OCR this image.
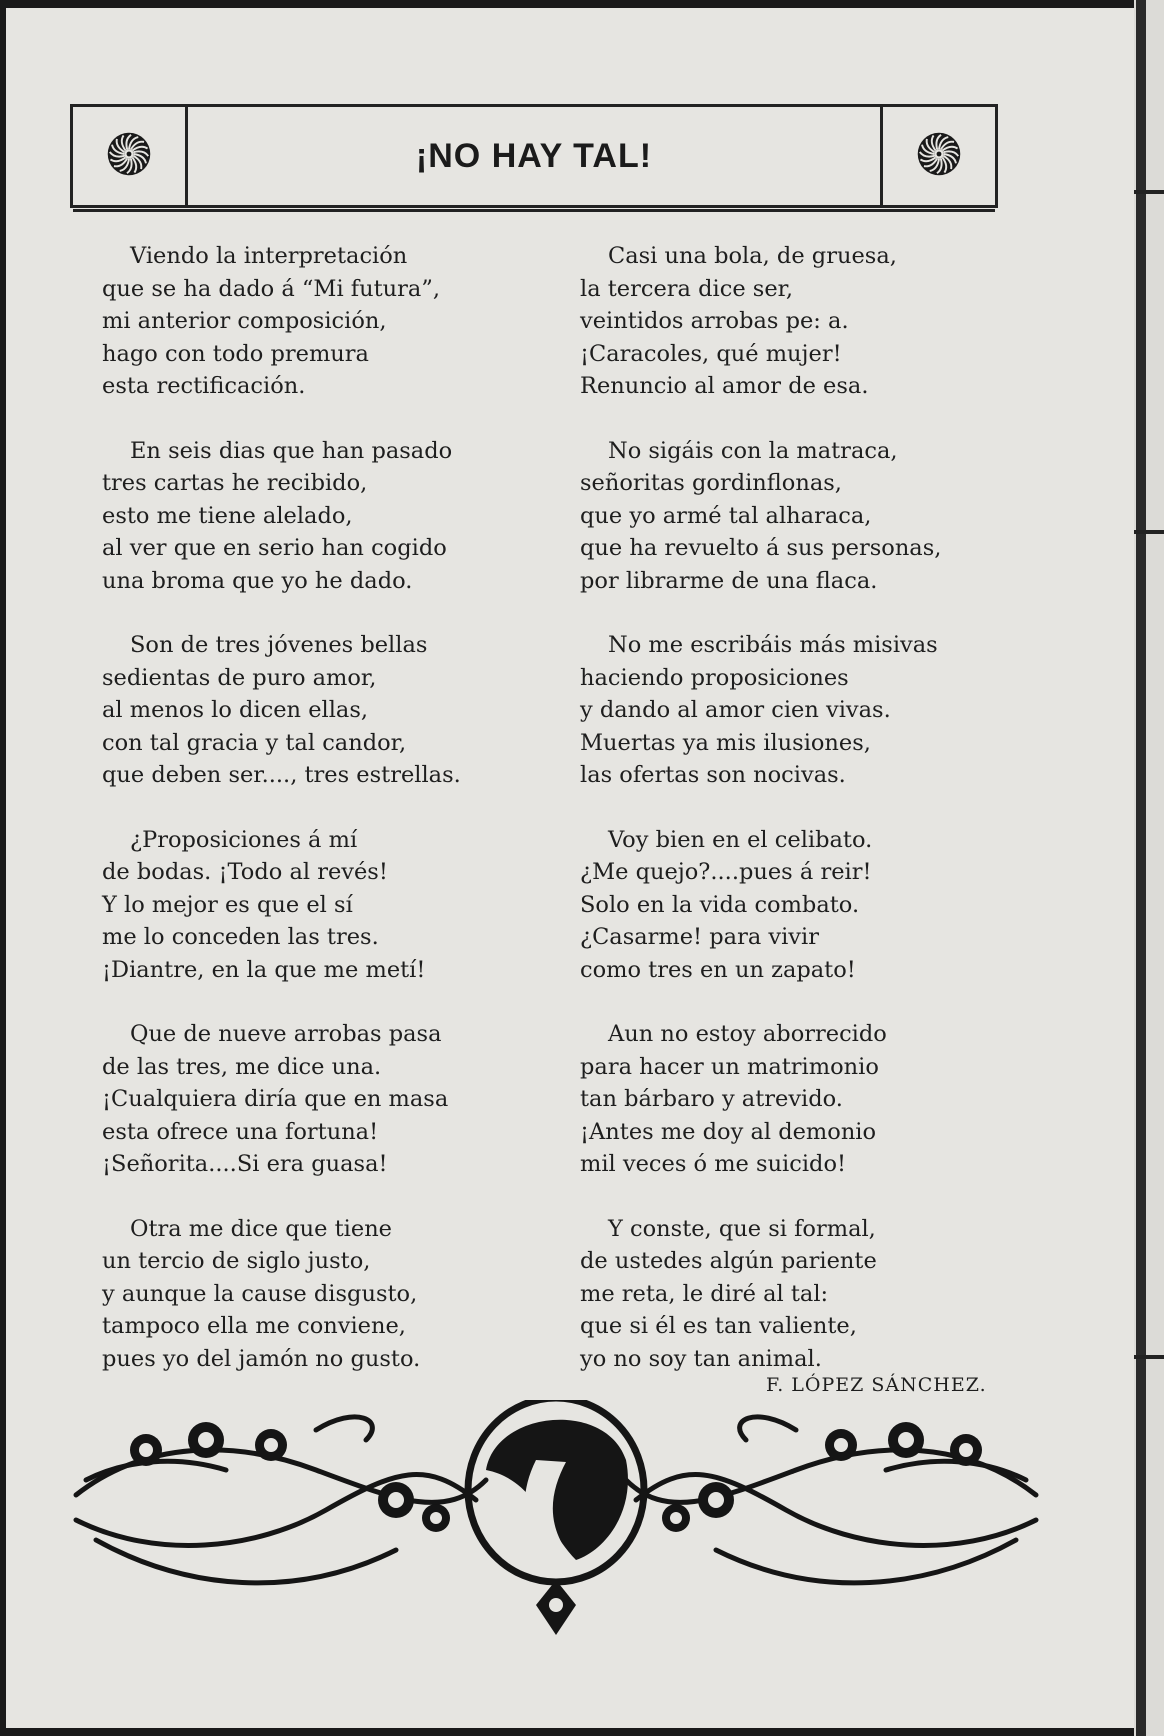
¡NO HAY TAL!
Viendo la interpretación
que se ha dado á “Mi futura”,
mi anterior composición,
hago con todo premura
esta rectificación.
En seis dias que han pasado
tres cartas he recibido,
esto me tiene alelado,
al ver que en serio han cogido
una broma que yo he dado.
Son de tres jóvenes bellas
sedientas de puro amor,
al menos lo dicen ellas,
con tal gracia y tal candor,
que deben ser...., tres estrellas.
¿Proposiciones á mí
de bodas. ¡Todo al revés!
Y lo mejor es que el sí
me lo conceden las tres.
¡Diantre, en la que me metí!
Que de nueve arrobas pasa
de las tres, me dice una.
¡Cualquiera diría que en masa
esta ofrece una fortuna!
¡Señorita....Si era guasa!
Otra me dice que tiene
un tercio de siglo justo,
y aunque la cause disgusto,
tampoco ella me conviene,
pues yo del jamón no gusto.
Casi una bola, de gruesa,
la tercera dice ser,
veintidos arrobas pe: a.
¡Caracoles, qué mujer!
Renuncio al amor de esa.
No sigáis con la matraca,
señoritas gordinflonas,
que yo armé tal alharaca,
que ha revuelto á sus personas,
por librarme de una flaca.
No me escribáis más misivas
haciendo proposiciones
y dando al amor cien vivas.
Muertas ya mis ilusiones,
las ofertas son nocivas.
Voy bien en el celibato.
¿Me quejo?....pues á reir!
Solo en la vida combato.
¿Casarme! para vivir
como tres en un zapato!
Aun no estoy aborrecido
para hacer un matrimonio
tan bárbaro y atrevido.
¡Antes me doy al demonio
mil veces ó me suicido!
Y conste, que si formal,
de ustedes algún pariente
me reta, le diré al tal:
que si él es tan valiente,
yo no soy tan animal.
F. LÓPEZ SÁNCHEZ.
